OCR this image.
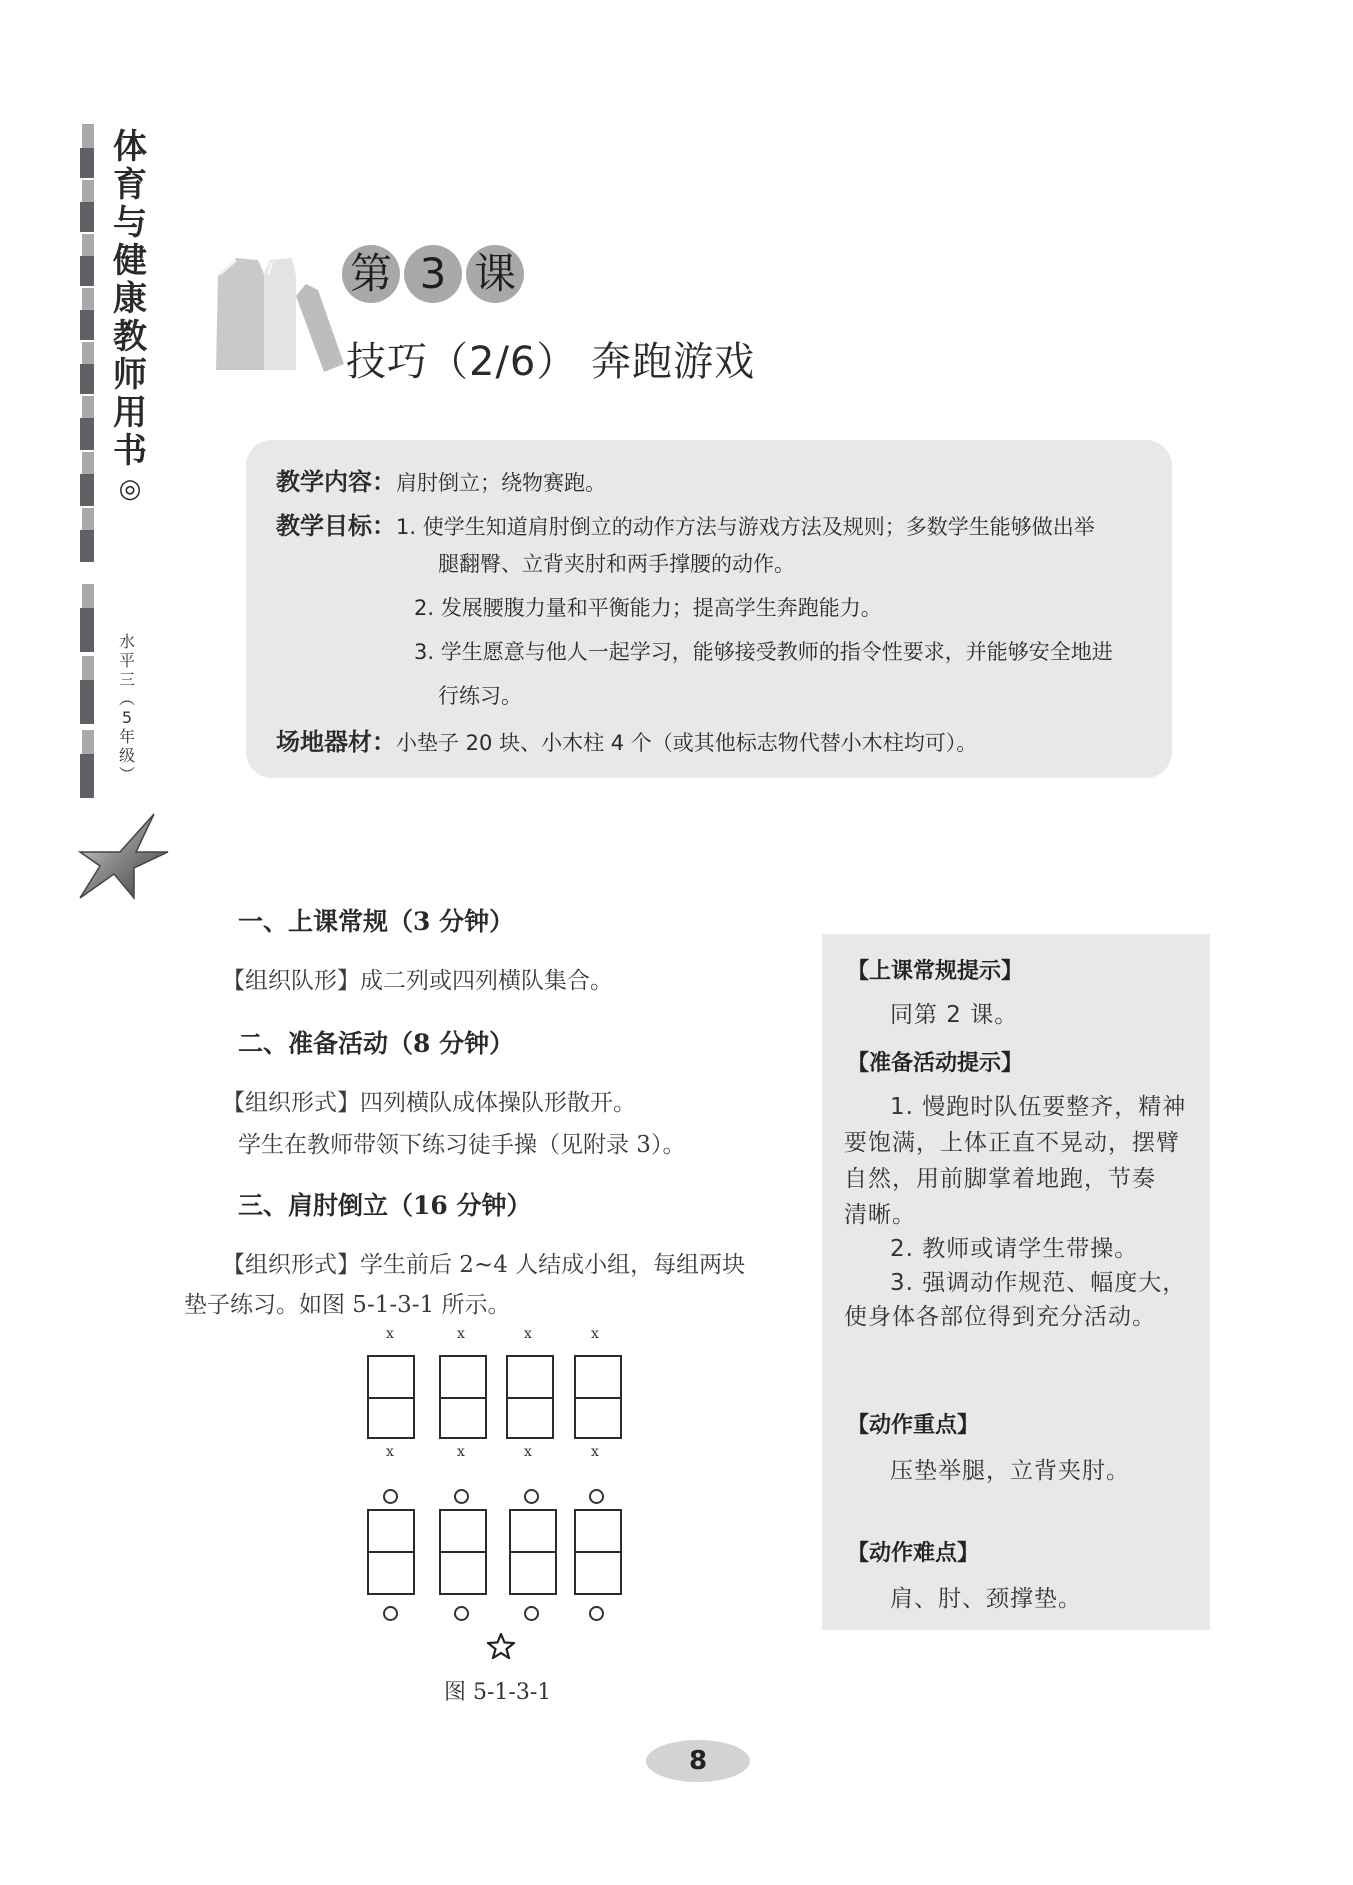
体
育
与
健
康
教
师
用
书
◎
水
平
三
︵
5
年
级
︶
第 3 课
技巧（2/6） 奔跑游戏
教学内容：肩肘倒立；绕物赛跑。
教学目标：1. 使学生知道肩肘倒立的动作方法与游戏方法及规则；多数学生能够做出举
腿翻臀、立背夹肘和两手撑腰的动作。
2. 发展腰腹力量和平衡能力；提高学生奔跑能力。
3. 学生愿意与他人一起学习，能够接受教师的指令性要求，并能够安全地进
行练习。
场地器材：小垫子 20 块、小木柱 4 个（或其他标志物代替小木柱均可）。
一、上课常规（3 分钟）
【组织队形】成二列或四列横队集合。
二、准备活动（8 分钟）
【组织形式】四列横队成体操队形散开。
学生在教师带领下练习徒手操（见附录 3）。
三、肩肘倒立（16 分钟）
【组织形式】学生前后 2~4 人结成小组，每组两块
垫子练习。如图 5-1-3-1 所示。
x	x	x	x
x	x	x	x
图 5-1-3-1
【上课常规提示】
同第 2 课。
【准备活动提示】
1. 慢跑时队伍要整齐，精神
要饱满，上体正直不晃动，摆臂
自然，用前脚掌着地跑，节奏
清晰。
2. 教师或请学生带操。
3. 强调动作规范、幅度大，
使身体各部位得到充分活动。
【动作重点】
压垫举腿，立背夹肘。
【动作难点】
肩、肘、颈撑垫。
8
